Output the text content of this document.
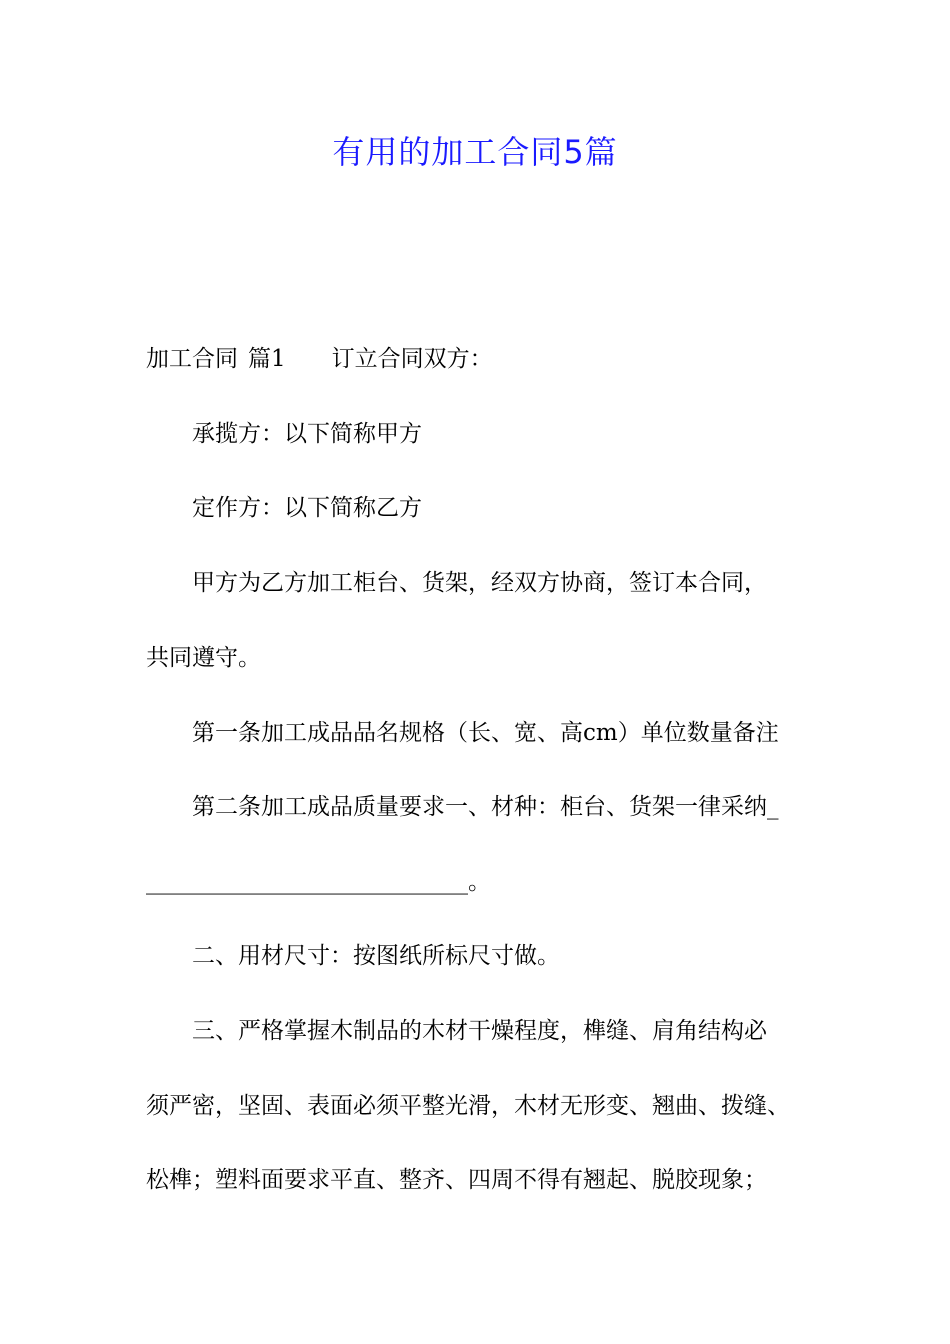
有用的加工合同5篇
加工合同 篇1 订立合同双方：
承揽方：以下简称甲方
定作方：以下简称乙方
甲方为乙方加工柜台、货架，经双方协商，签订本合同，
共同遵守。
第一条加工成品品名规格（长、宽、高cm）单位数量备注
第二条加工成品质量要求一、材种：柜台、货架一律采纳_
____________________________。
二、用材尺寸：按图纸所标尺寸做。
三、严格掌握木制品的木材干燥程度，榫缝、肩角结构必
须严密，坚固、表面必须平整光滑，木材无形变、翘曲、拨缝、
松榫；塑料面要求平直、整齐、四周不得有翘起、脱胶现象；
